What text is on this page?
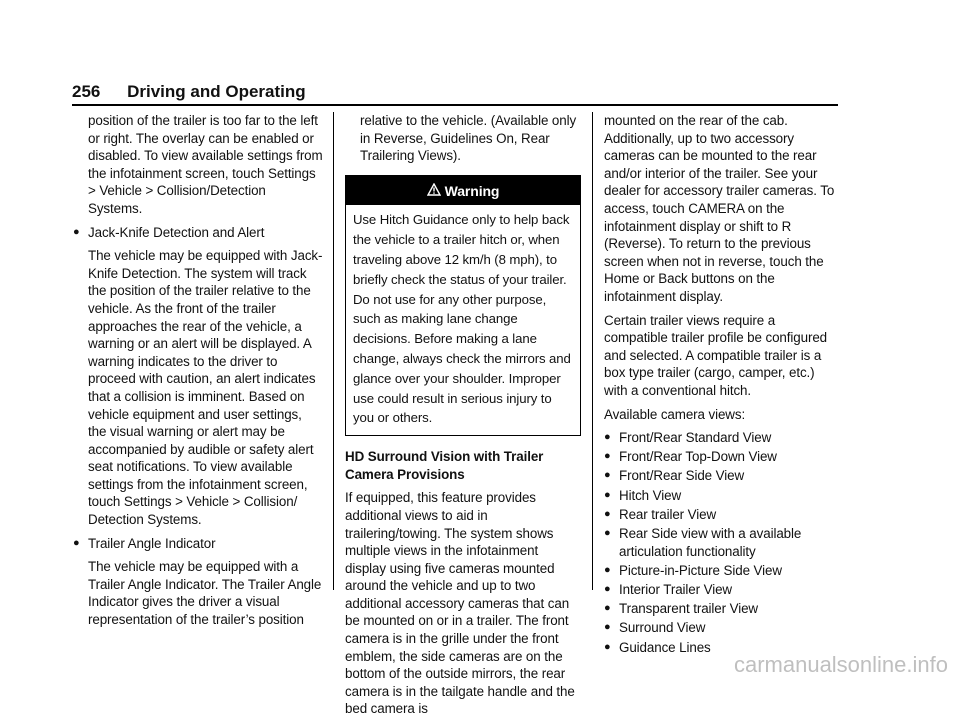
256 Driving and Operating

position of the trailer is too far to the left or right. The overlay can be enabled or disabled. To view available settings from the infotainment screen, touch Settings > Vehicle > Collision/Detection Systems.

● Jack-Knife Detection and Alert

The vehicle may be equipped with Jack-Knife Detection. The system will track the position of the trailer relative to the vehicle. As the front of the trailer approaches the rear of the vehicle, a warning or an alert will be displayed. A warning indicates to the driver to proceed with caution, an alert indicates that a collision is imminent. Based on vehicle equipment and user settings, the visual warning or alert may be accompanied by audible or safety alert seat notifications. To view available settings from the infotainment screen, touch Settings > Vehicle > Collision/ Detection Systems.

● Trailer Angle Indicator

The vehicle may be equipped with a Trailer Angle Indicator. The Trailer Angle Indicator gives the driver a visual representation of the trailer’s position

relative to the vehicle. (Available only in Reverse, Guidelines On, Rear Trailering Views).

Warning
Use Hitch Guidance only to help back the vehicle to a trailer hitch or, when traveling above 12 km/h (8 mph), to briefly check the status of your trailer. Do not use for any other purpose, such as making lane change decisions. Before making a lane change, always check the mirrors and glance over your shoulder. Improper use could result in serious injury to you or others.

HD Surround Vision with Trailer Camera Provisions

If equipped, this feature provides additional views to aid in trailering/towing. The system shows multiple views in the infotainment display using five cameras mounted around the vehicle and up to two additional accessory cameras that can be mounted on or in a trailer. The front camera is in the grille under the front emblem, the side cameras are on the bottom of the outside mirrors, the rear camera is in the tailgate handle and the bed camera is

mounted on the rear of the cab. Additionally, up to two accessory cameras can be mounted to the rear and/or interior of the trailer. See your dealer for accessory trailer cameras. To access, touch CAMERA on the infotainment display or shift to R (Reverse). To return to the previous screen when not in reverse, touch the Home or Back buttons on the infotainment display.

Certain trailer views require a compatible trailer profile be configured and selected. A compatible trailer is a box type trailer (cargo, camper, etc.) with a conventional hitch.

Available camera views:

● Front/Rear Standard View
● Front/Rear Top-Down View
● Front/Rear Side View
● Hitch View
● Rear trailer View
● Rear Side view with a available articulation functionality
● Picture-in-Picture Side View
● Interior Trailer View
● Transparent trailer View
● Surround View
● Guidance Lines
carmanualsonline.info
